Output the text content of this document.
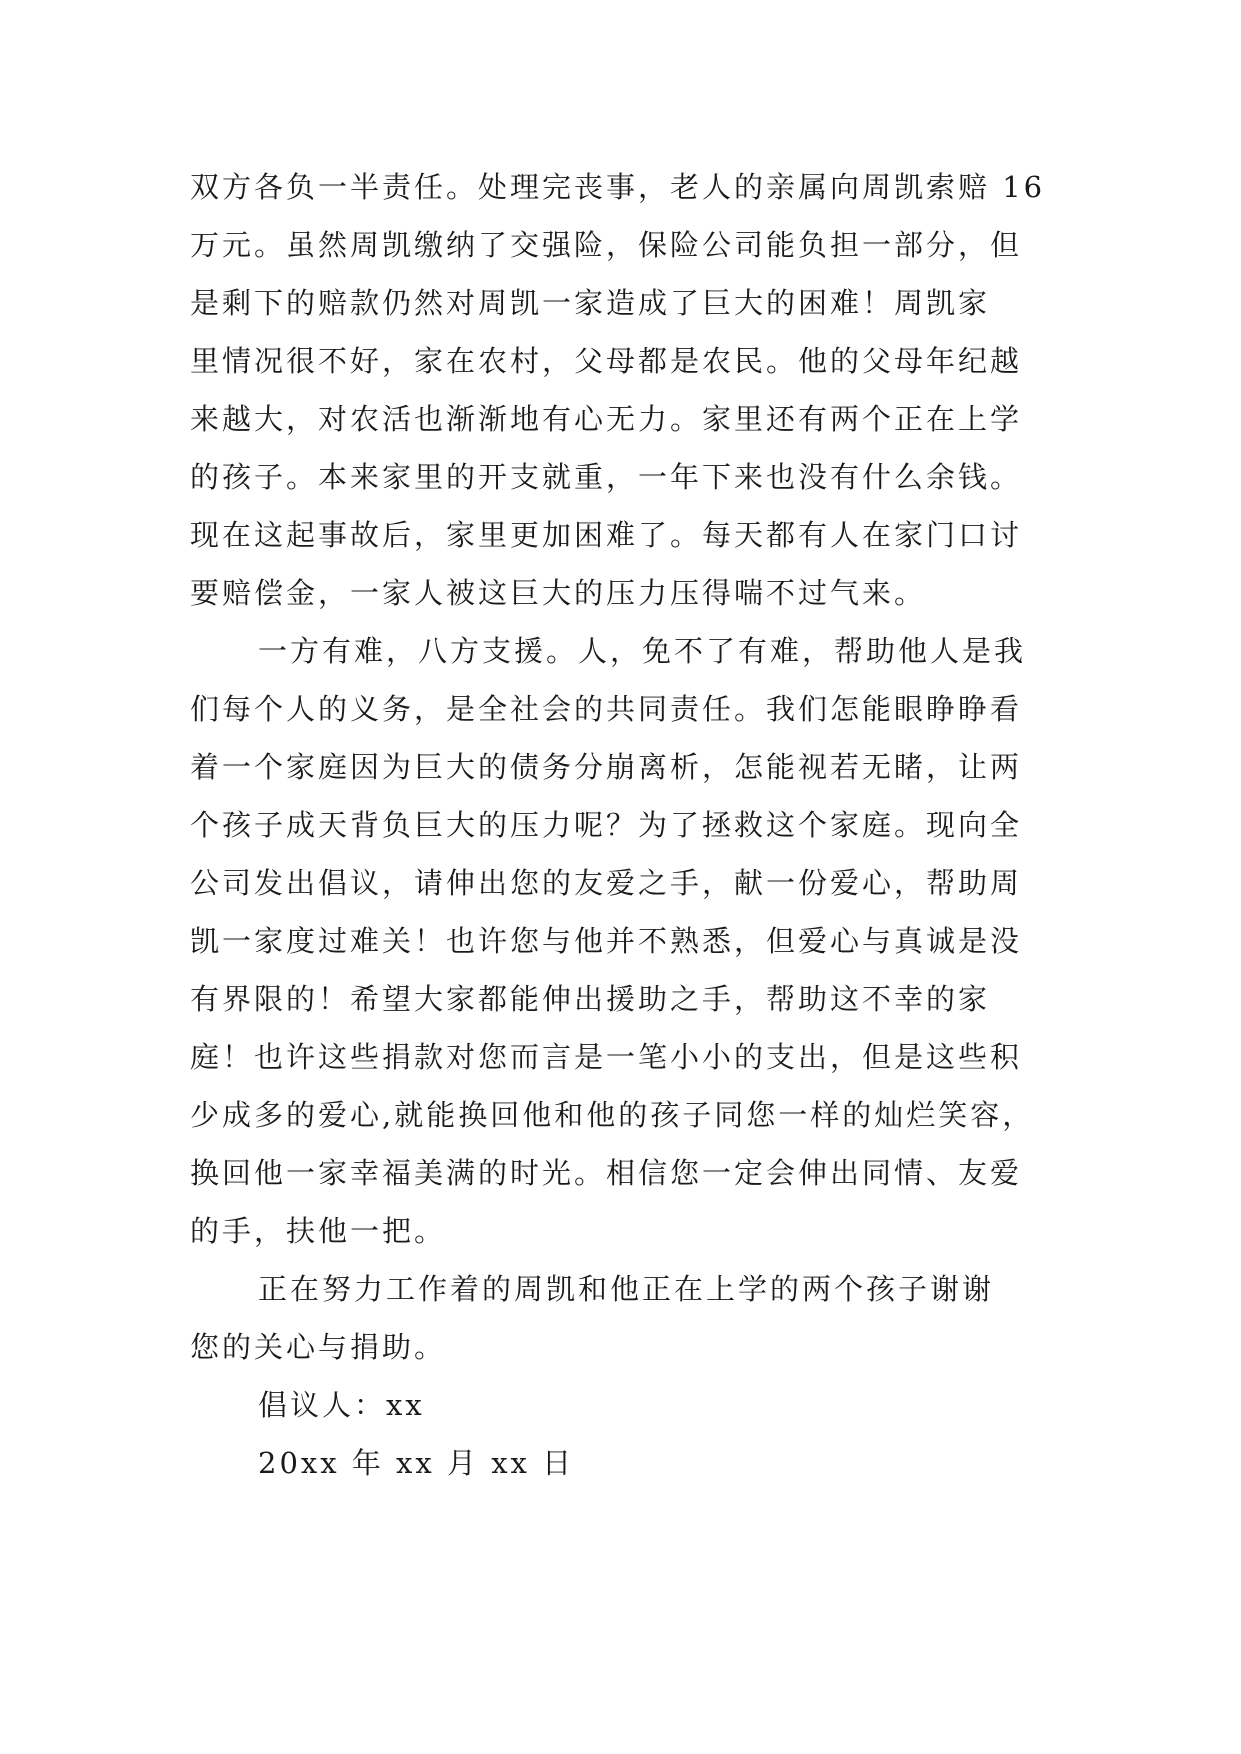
双方各负一半责任。处理完丧事，老人的亲属向周凯索赔 16
万元。虽然周凯缴纳了交强险，保险公司能负担一部分，但
是剩下的赔款仍然对周凯一家造成了巨大的困难！周凯家
里情况很不好，家在农村，父母都是农民。他的父母年纪越
来越大，对农活也渐渐地有心无力。家里还有两个正在上学
的孩子。本来家里的开支就重，一年下来也没有什么余钱。
现在这起事故后，家里更加困难了。每天都有人在家门口讨
要赔偿金，一家人被这巨大的压力压得喘不过气来。
一方有难，八方支援。人，免不了有难，帮助他人是我
们每个人的义务，是全社会的共同责任。我们怎能眼睁睁看
着一个家庭因为巨大的债务分崩离析，怎能视若无睹，让两
个孩子成天背负巨大的压力呢？为了拯救这个家庭。现向全
公司发出倡议，请伸出您的友爱之手，献一份爱心，帮助周
凯一家度过难关！也许您与他并不熟悉，但爱心与真诚是没
有界限的！希望大家都能伸出援助之手，帮助这不幸的家
庭！也许这些捐款对您而言是一笔小小的支出，但是这些积
少成多的爱心,就能换回他和他的孩子同您一样的灿烂笑容，
换回他一家幸福美满的时光。相信您一定会伸出同情、友爱
的手，扶他一把。
正在努力工作着的周凯和他正在上学的两个孩子谢谢
您的关心与捐助。
倡议人：xx
20xx 年 xx 月 xx 日
